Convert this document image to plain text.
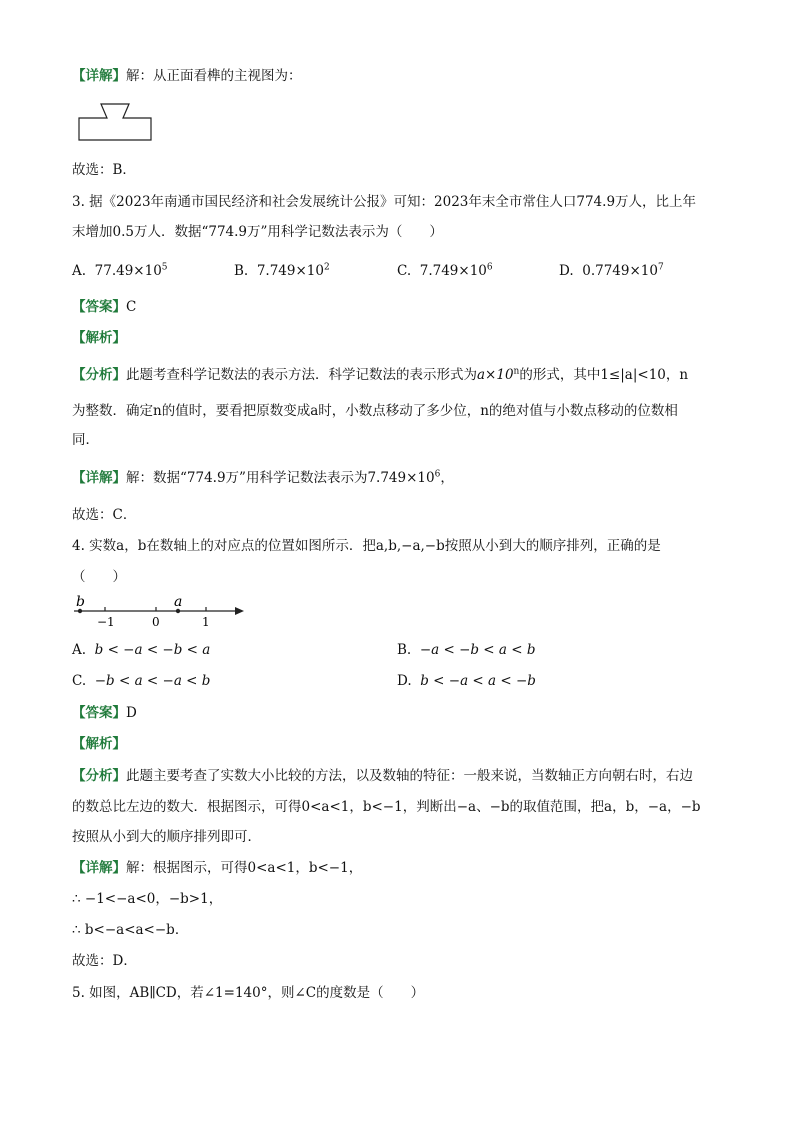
【详解】解：从正面看榫的主视图为：
故选：B．
3. 据《2023年南通市国民经济和社会发展统计公报》可知：2023年末全市常住人口774.9万人，比上年
末增加0.5万人．数据“774.9万”用科学记数法表示为（　　）
A. $77.49\times 10^5$	B. $7.749\times 10^2$	C. $7.749\times 10^6$	D. $0.7749\times 10^7$
【答案】C
【解析】
【分析】此题考查科学记数法的表示方法．科学记数法的表示形式为$a\times 10^n$的形式，其中1≤|a|<10，n
为整数．确定n的值时，要看把原数变成a时，小数点移动了多少位，n的绝对值与小数点移动的位数相
同．
【详解】解：数据“774.9万”用科学记数法表示为$7.749\times 10^6$，
故选：C．
4. 实数a，b在数轴上的对应点的位置如图所示．把a,b,−a,−b按照从小到大的顺序排列，正确的是
（　　）
b
−1	0
a
1
A. b < −a < −b < a	B. −a < −b < a < b
C. −b < a < −a < b	D. b < −a < a < −b
【答案】D
【解析】
【分析】此题主要考查了实数大小比较的方法，以及数轴的特征：一般来说，当数轴正方向朝右时，右边
的数总比左边的数大．根据图示，可得0<a<1，b<−1，判断出−a、−b的取值范围，把a，b，−a，−b
按照从小到大的顺序排列即可．
【详解】解：根据图示，可得0<a<1，b<−1，
∴ −1<−a<0，−b>1，
∴ b<−a<a<−b．
故选：D．
5. 如图，AB∥CD，若∠1=140°，则∠C的度数是（　　）
